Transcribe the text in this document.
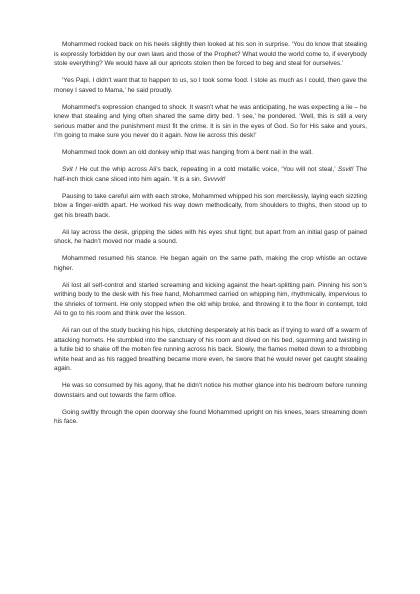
Mohammed rocked back on his heels slightly then looked at his son in surprise. ‘You do know that stealing is expressly forbidden by our own laws and those of the Prophet? What would the world come to, if everybody stole everything? We would have all our apricots stolen then be forced to beg and steal for ourselves.’

‘Yes Papi. I didn’t want that to happen to us, so I took some food. I stole as much as I could, then gave the money I saved to Mama,’ he said proudly.

Mohammed’s expression changed to shock. It wasn’t what he was anticipating, he was expecting a lie – he knew that stealing and lying often shared the same dirty bed. ‘I see,’ he pondered. ‘Well, this is still a very serious matter and the punishment must fit the crime. It is sin in the eyes of God. So for His sake and yours, I’m going to make sure you never do it again. Now lie across this desk!’

Mohammed took down an old donkey whip that was hanging from a bent nail in the wall.

Svit ! He cut the whip across Ali’s back, repeating in a cold metallic voice, ‘You will not steal,’ Ssvit! The half-inch thick cane sliced into him again. ‘It is a sin. Svvvvit!

Pausing to take careful aim with each stroke, Mohammed whipped his son mercilessly, laying each sizzling blow a finger-width apart. He worked his way down methodically, from shoulders to thighs, then stood up to get his breath back.

Ali lay across the desk, gripping the sides with his eyes shut tight; but apart from an initial gasp of pained shock, he hadn’t moved nor made a sound.

Mohammed resumed his stance. He began again on the same path, making the crop whistle an octave higher.

Ali lost all self-control and started screaming and kicking against the heart-splitting pain. Pinning his son’s writhing body to the desk with his free hand, Mohammed carried on whipping him, rhythmically, impervious to the shrieks of torment. He only stopped when the old whip broke, and throwing it to the floor in contempt, told Ali to go to his room and think over the lesson.

Ali ran out of the study bucking his hips, clutching desperately at his back as if trying to ward off a swarm of attacking hornets. He stumbled into the sanctuary of his room and dived on his bed, squirming and twisting in a futile bid to shake off the molten fire running across his back. Slowly, the flames melted down to a throbbing white heat and as his ragged breathing became more even, he swore that he would never get caught stealing again.

He was so consumed by his agony, that he didn’t notice his mother glance into his bedroom before running downstairs and out towards the farm office.

Going swiftly through the open doorway she found Mohammed upright on his knees, tears streaming down his face.
